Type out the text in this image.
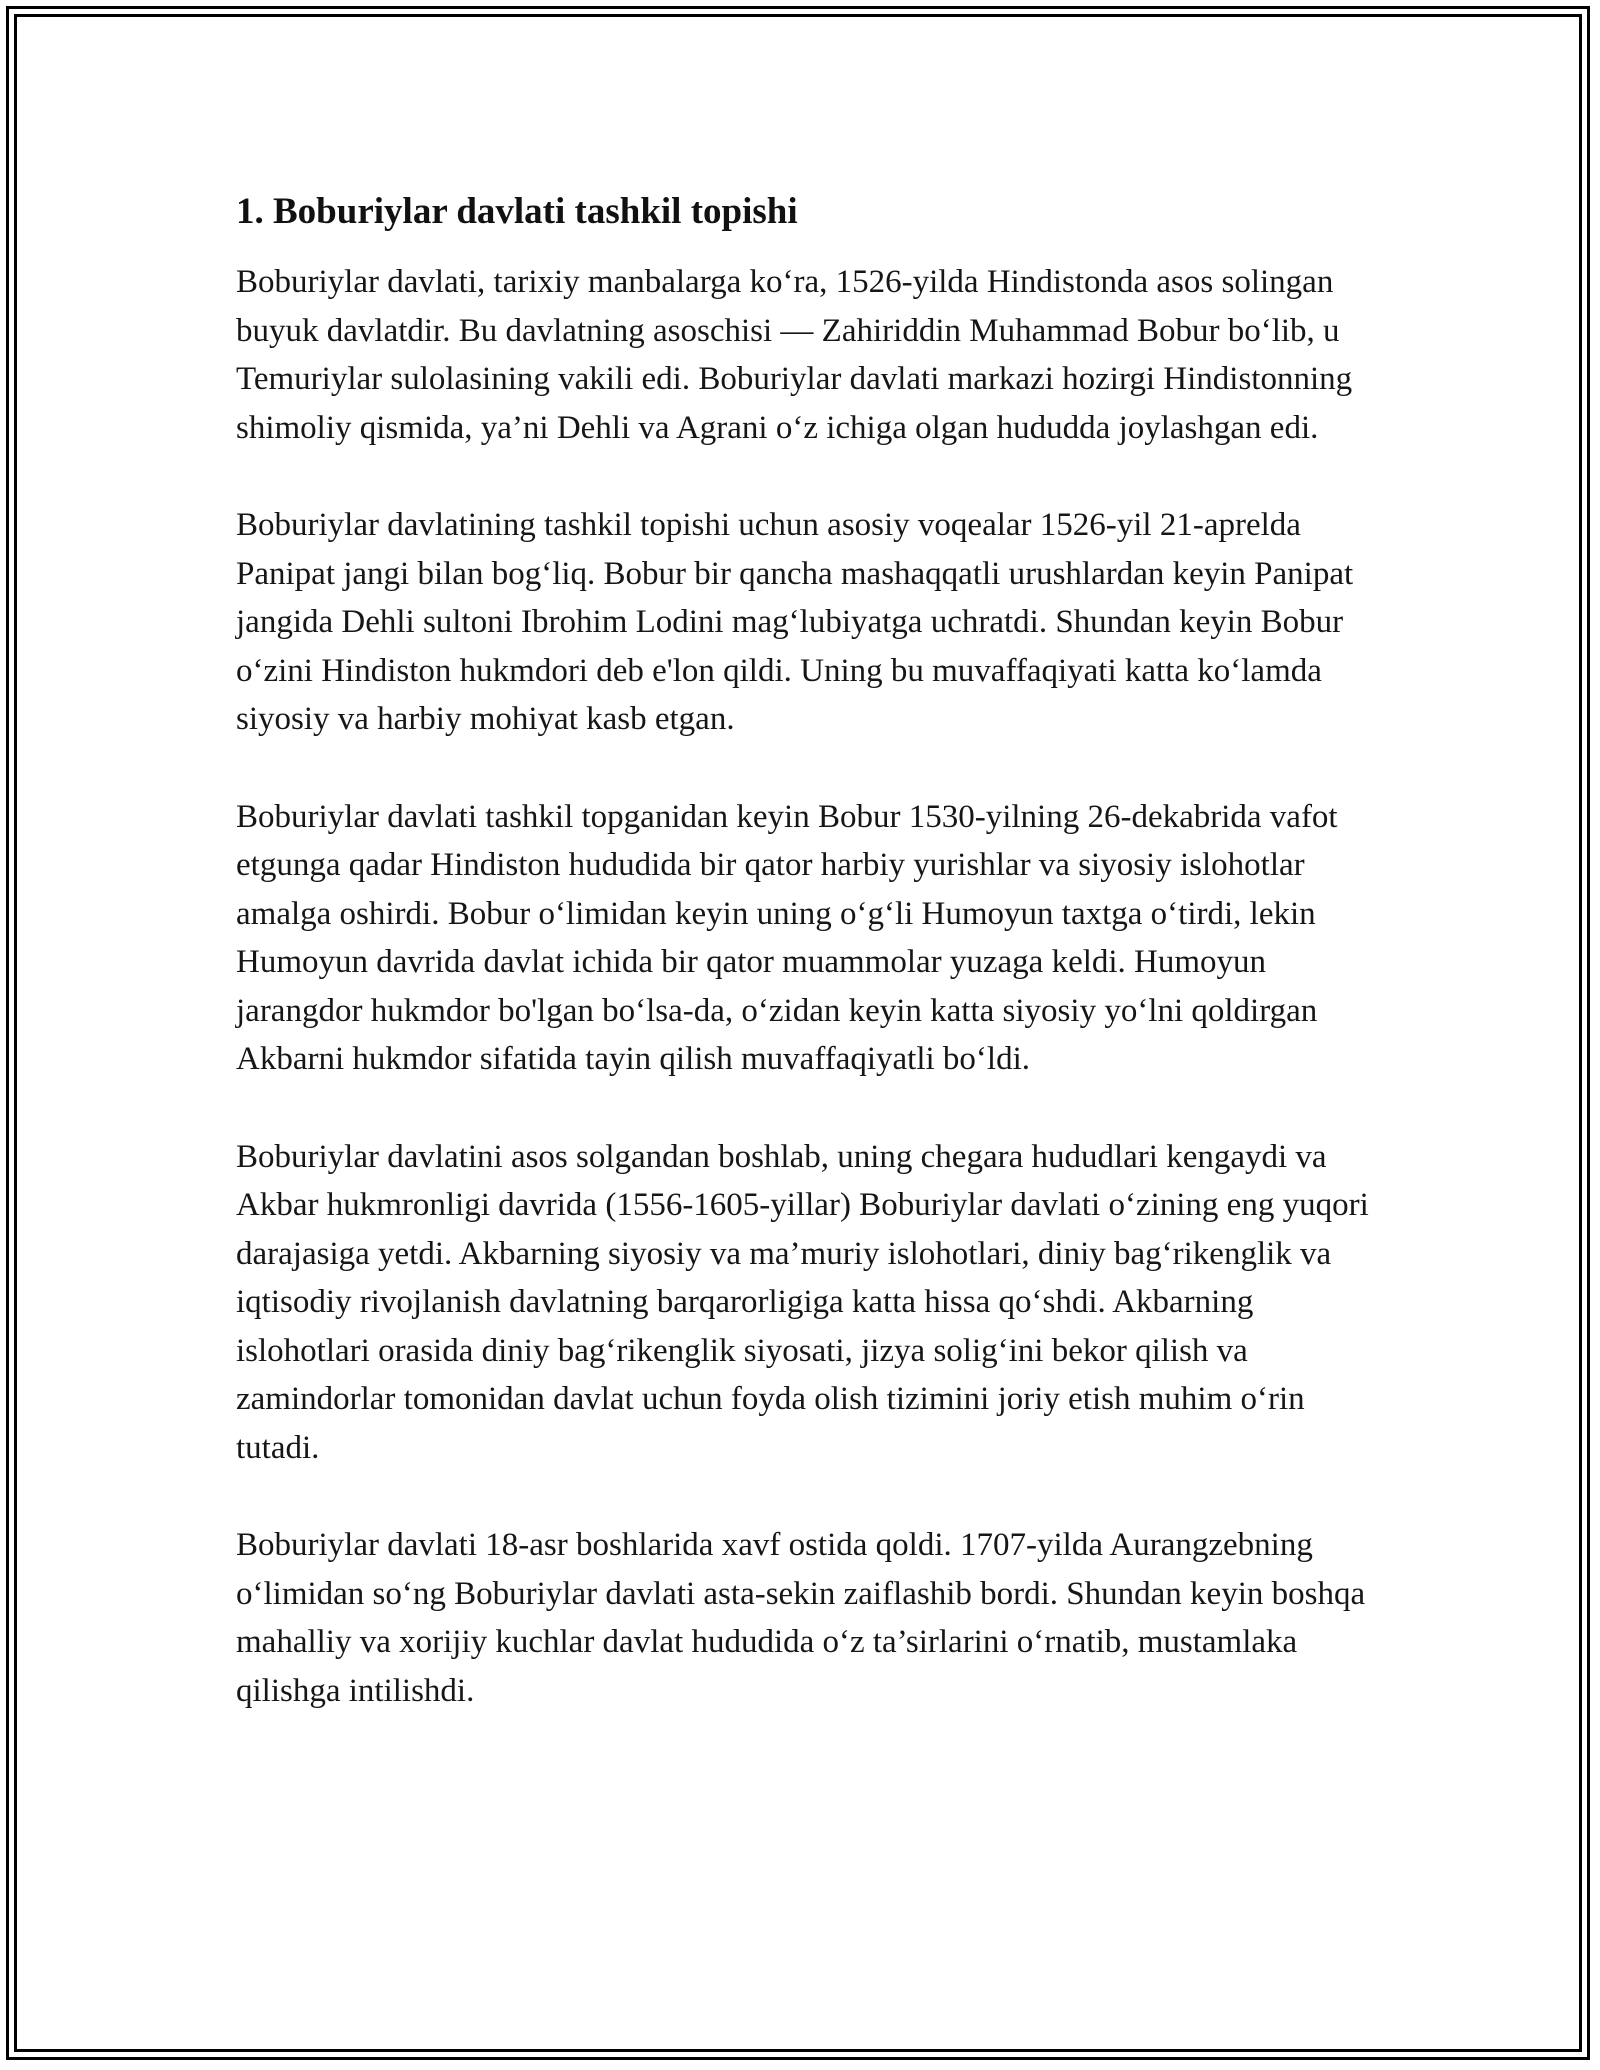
1. Boburiylar davlati tashkil topishi

Boburiylar davlati, tarixiy manbalarga ko‘ra, 1526-yilda Hindistonda asos solingan buyuk davlatdir. Bu davlatning asoschisi — Zahiriddin Muhammad Bobur bo‘lib, u Temuriylar sulolasining vakili edi. Boburiylar davlati markazi hozirgi Hindistonning shimoliy qismida, ya’ni Dehli va Agrani o‘z ichiga olgan hududda joylashgan edi.

Boburiylar davlatining tashkil topishi uchun asosiy voqealar 1526-yil 21-aprelda Panipat jangi bilan bog‘liq. Bobur bir qancha mashaqqatli urushlardan keyin Panipat jangida Dehli sultoni Ibrohim Lodini mag‘lubiyatga uchratdi. Shundan keyin Bobur o‘zini Hindiston hukmdori deb e'lon qildi. Uning bu muvaffaqiyati katta ko‘lamda siyosiy va harbiy mohiyat kasb etgan.

Boburiylar davlati tashkil topganidan keyin Bobur 1530-yilning 26-dekabrida vafot etgunga qadar Hindiston hududida bir qator harbiy yurishlar va siyosiy islohotlar amalga oshirdi. Bobur o‘limidan keyin uning o‘g‘li Humoyun taxtga o‘tirdi, lekin Humoyun davrida davlat ichida bir qator muammolar yuzaga keldi. Humoyun jarangdor hukmdor bo'lgan bo‘lsa-da, o‘zidan keyin katta siyosiy yo‘lni qoldirgan Akbarni hukmdor sifatida tayin qilish muvaffaqiyatli bo‘ldi.

Boburiylar davlatini asos solgandan boshlab, uning chegara hududlari kengaydi va Akbar hukmronligi davrida (1556-1605-yillar) Boburiylar davlati o‘zining eng yuqori darajasiga yetdi. Akbarning siyosiy va ma’muriy islohotlari, diniy bag‘rikenglik va iqtisodiy rivojlanish davlatning barqarorligiga katta hissa qo‘shdi. Akbarning islohotlari orasida diniy bag‘rikenglik siyosati, jizya solig‘ini bekor qilish va zamindorlar tomonidan davlat uchun foyda olish tizimini joriy etish muhim o‘rin tutadi.

Boburiylar davlati 18-asr boshlarida xavf ostida qoldi. 1707-yilda Aurangzebning o‘limidan so‘ng Boburiylar davlati asta-sekin zaiflashib bordi. Shundan keyin boshqa mahalliy va xorijiy kuchlar davlat hududida o‘z ta’sirlarini o‘rnatib, mustamlaka qilishga intilishdi.
